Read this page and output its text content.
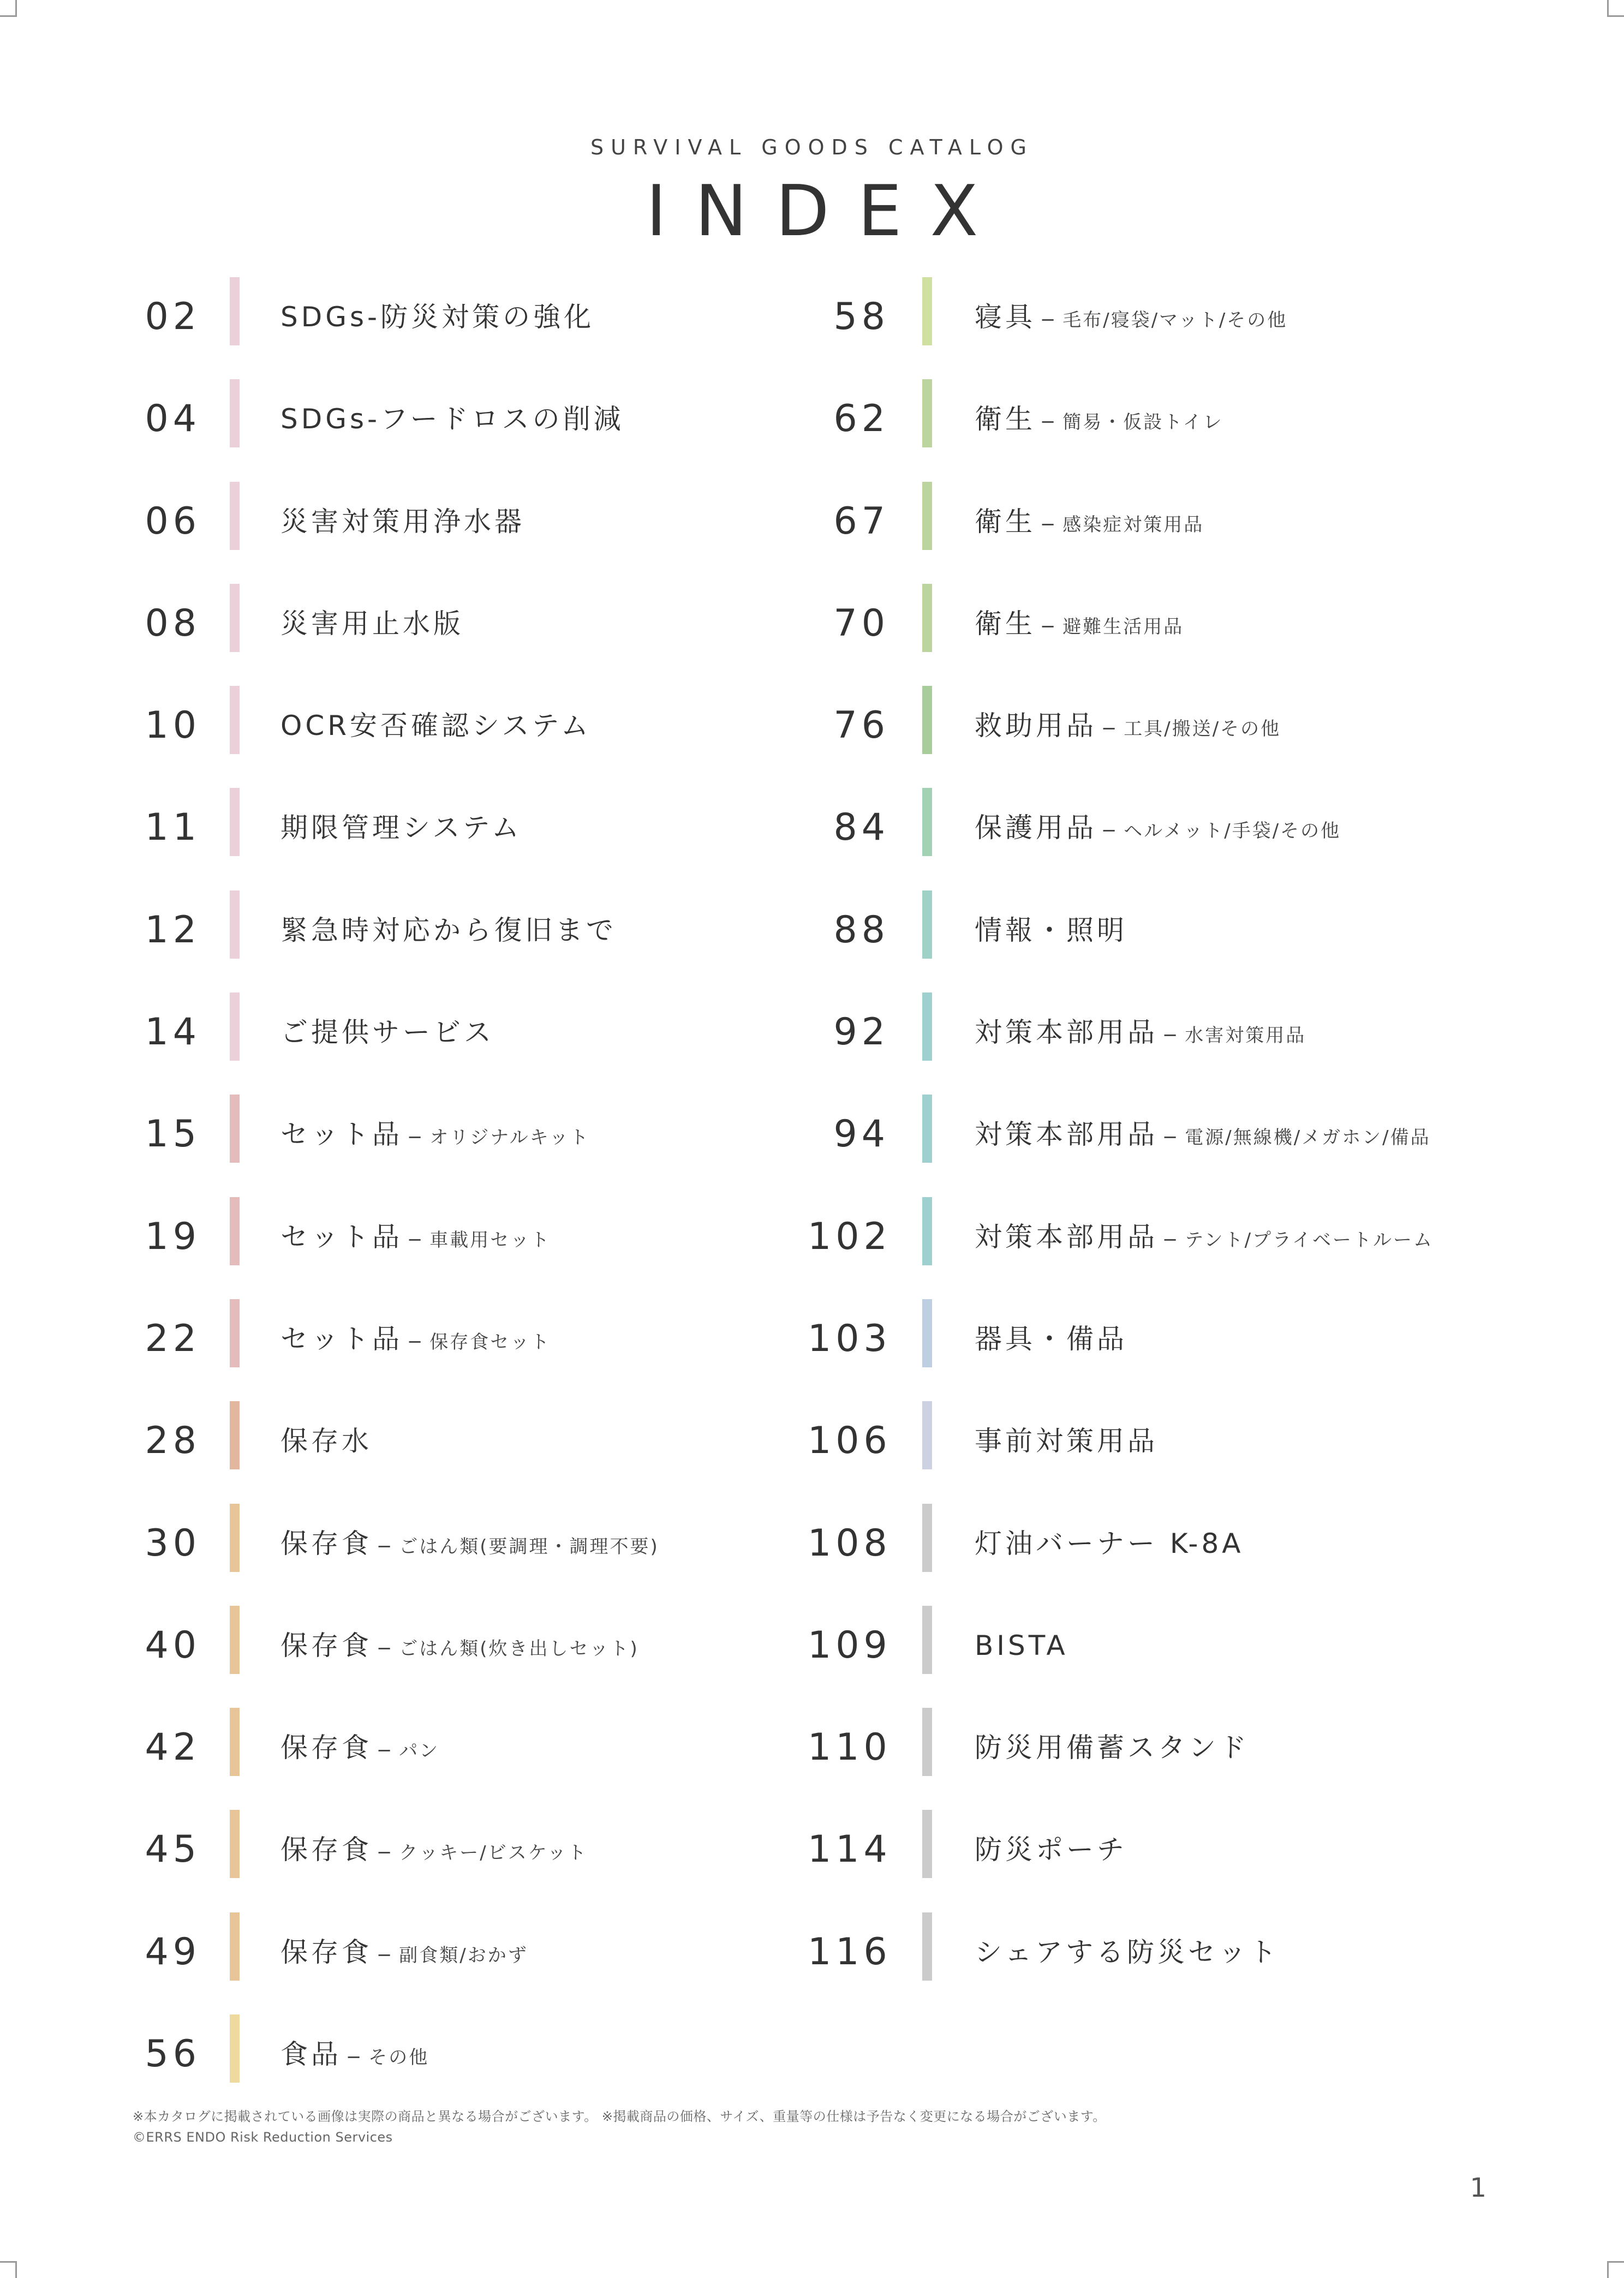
SURVIVAL GOODS CATALOG
INDEX
02	SDGs-防災対策の強化
04	SDGs-フードロスの削減
06	災害対策用浄水器
08	災害用止水版
10	OCR安否確認システム
11	期限管理システム
12	緊急時対応から復旧まで
14	ご提供サービス
15	セット品 ─ オリジナルキット
19	セット品 ─ 車載用セット
22	セット品 ─ 保存食セット
28	保存水
30	保存食 ─ ごはん類(要調理・調理不要)
40	保存食 ─ ごはん類(炊き出しセット)
42	保存食 ─ パン
45	保存食 ─ クッキー/ビスケット
49	保存食 ─ 副食類/おかず
56	食品 ─ その他
58	寝具 ─ 毛布/寝袋/マット/その他
62	衛生 ─ 簡易・仮設トイレ
67	衛生 ─ 感染症対策用品
70	衛生 ─ 避難生活用品
76	救助用品 ─ 工具/搬送/その他
84	保護用品 ─ ヘルメット/手袋/その他
88	情報・照明
92	対策本部用品 ─ 水害対策用品
94	対策本部用品 ─ 電源/無線機/メガホン/備品
102	対策本部用品 ─ テント/プライベートルーム
103	器具・備品
106	事前対策用品
108	灯油バーナー K-8A
109	BISTA
110	防災用備蓄スタンド
114	防災ポーチ
116	シェアする防災セット
※本カタログに掲載されている画像は実際の商品と異なる場合がございます。 ※掲載商品の価格、サイズ、重量等の仕様は予告なく変更になる場合がございます。
©ERRS ENDO Risk Reduction Services
1
